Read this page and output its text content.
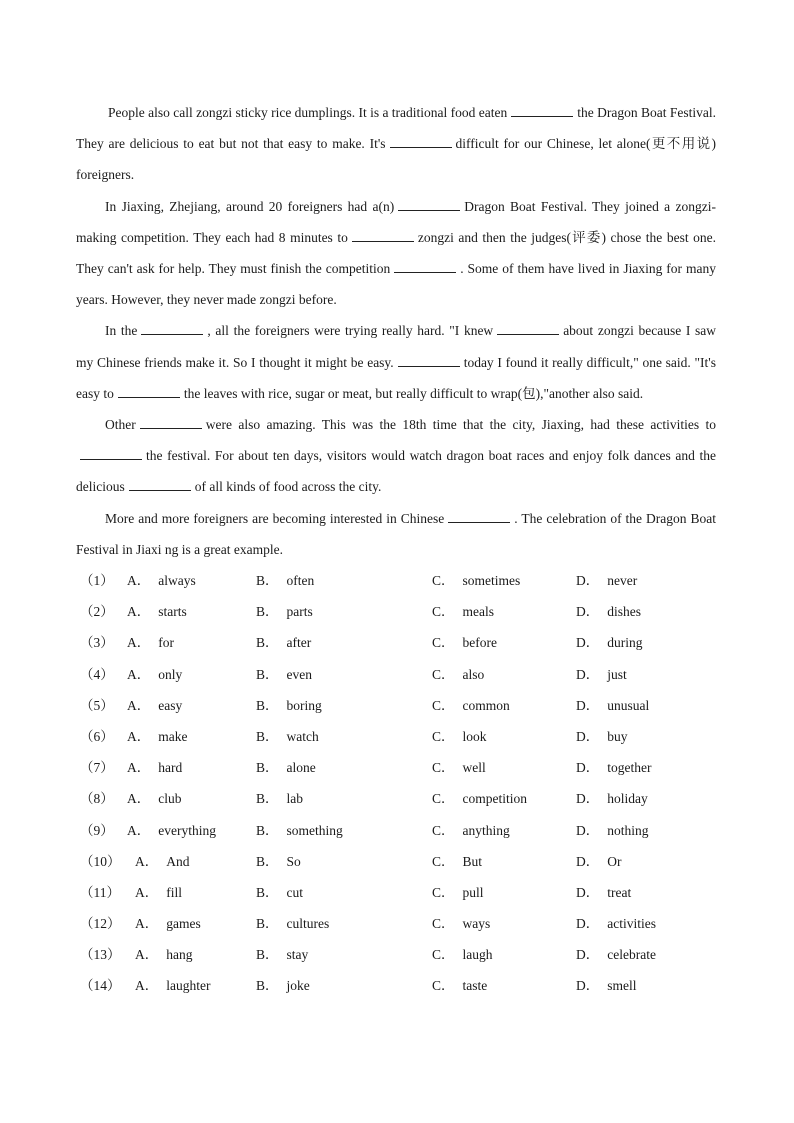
People also call zongzi sticky rice dumplings. It is a traditional food eaten	the Dragon Boat Festival. They are delicious to eat but not that easy to make. It's	difficult for our Chinese, let alone(更不用说) foreigners.

In Jiaxing, Zhejiang, around 20 foreigners had a(n)	Dragon Boat Festival. They joined a zongzi-making competition. They each had 8 minutes to	zongzi and then the judges(评委) chose the best one. They can't ask for help. They must finish the competition	. Some of them have lived in Jiaxing for many years. However, they never made zongzi before.

In the	, all the foreigners were trying really hard. "I knew	about zongzi because I saw my Chinese friends make it. So I thought it might be easy.	today I found it really difficult," one said. "It's easy to	the leaves with rice, sugar or meat, but really difficult to wrap(包),"another also said.

Other	were also amazing. This was the 18th time that the city, Jiaxing, had these activities tothe festival. For about ten days, visitors would watch dragon boat races and enjoy folk dances and the delicious	of all kinds of food across the city.

More and more foreigners are becoming interested in Chinese	. The celebration of the Dragon Boat Festival in Jiaxi ng is a great example.

（1） A． always	B． often	C． sometimes	D． never
（2） A． starts	B． parts	C． meals	D． dishes
（3） A． for	B． after	C． before	D． during
（4） A． only	B． even	C． also	D． just
（5） A． easy	B． boring	C． common	D． unusual
（6） A． make	B． watch	C． look	D． buy
（7） A． hard	B． alone	C． well	D． together
（8） A． club	B． lab	C． competition	D． holiday
（9） A． everything	B． something	C． anything	D． nothing
（10） A． And	B． So	C． But	D． Or
（11） A． fill	B． cut	C． pull	D． treat
（12） A． games	B． cultures	C． ways	D． activities
（13） A． hang	B． stay	C． laugh	D． celebrate
（14） A． laughter	B． joke	C． taste	D． smell
